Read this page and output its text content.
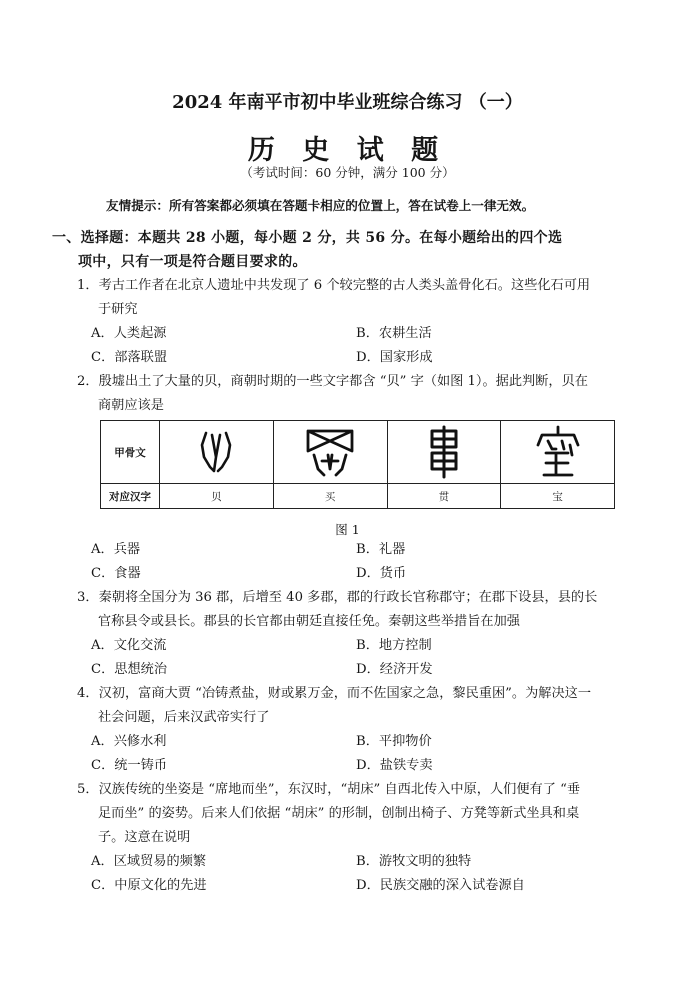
2024 年南平市初中毕业班综合练习 （一）
历 史 试 题
（考试时间：60 分钟，满分 100 分）
友情提示：所有答案都必须填在答题卡相应的位置上，答在试卷上一律无效。
一、选择题：本题共 28 小题，每小题 2 分，共 56 分。在每小题给出的四个选
项中，只有一项是符合题目要求的。
1．考古工作者在北京人遗址中共发现了 6 个较完整的古人类头盖骨化石。这些化石可用
于研究
A．人类起源	B．农耕生活
C．部落联盟	D．国家形成
2．殷墟出土了大量的贝，商朝时期的一些文字都含 “贝” 字（如图 1）。据此判断，贝在
商朝应该是
甲骨文	

对应汉字	贝	买	贯	宝
图 1
A．兵器	B．礼器
C．食器	D．货币
3．秦朝将全国分为 36 郡，后增至 40 多郡，郡的行政长官称郡守；在郡下设县，县的长
官称县令或县长。郡县的长官都由朝廷直接任免。秦朝这些举措旨在加强
A．文化交流	B．地方控制
C．思想统治	D．经济开发
4．汉初，富商大贾 “冶铸煮盐，财或累万金，而不佐国家之急，黎民重困”。为解决这一
社会问题，后来汉武帝实行了
A．兴修水利	B．平抑物价
C．统一铸币	D．盐铁专卖
5．汉族传统的坐姿是 “席地而坐”，东汉时，“胡床” 自西北传入中原，人们便有了 “垂
足而坐” 的姿势。后来人们依据 “胡床” 的形制，创制出椅子、方凳等新式坐具和桌
子。这意在说明
A．区域贸易的频繁	B．游牧文明的独特
C．中原文化的先进	D．民族交融的深入试卷源自
